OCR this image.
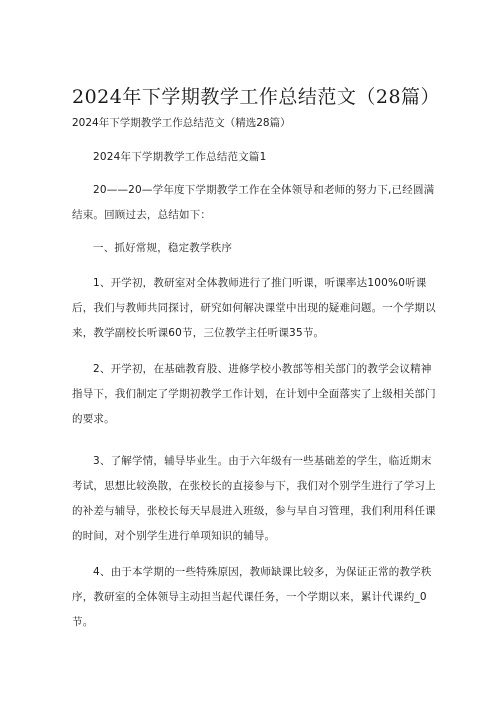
2024年下学期教学工作总结范文（28篇）
2024年下学期教学工作总结范文（精选28篇）

2024年下学期教学工作总结范文篇1

20——20—学年度下学期教学工作在全体领导和老师的努力下,已经圆满结束。回顾过去，总结如下：

一、抓好常规，稳定教学秩序

1、开学初，教研室对全体教师进行了推门听课，听课率达100%0听课后，我们与教师共同探讨，研究如何解决课堂中出现的疑难问题。一个学期以来，教学副校长听课60节，三位教学主任听课35节。

2、开学初，在基础教育股、进修学校小教部等相关部门的教学会议精神指导下，我们制定了学期初教学工作计划，在计划中全面落实了上级相关部门的要求。

3、了解学情，辅导毕业生。由于六年级有一些基础差的学生，临近期末考试，思想比较涣散，在张校长的直接参与下，我们对个别学生进行了学习上的补差与辅导，张校长每天早晨进入班级，参与早自习管理，我们利用科任课的时间，对个别学生进行单项知识的辅导。

4、由于本学期的一些特殊原因，教师缺课比较多，为保证正常的教学秩序，教研室的全体领导主动担当起代课任务，一个学期以来，累计代课约_0节。
